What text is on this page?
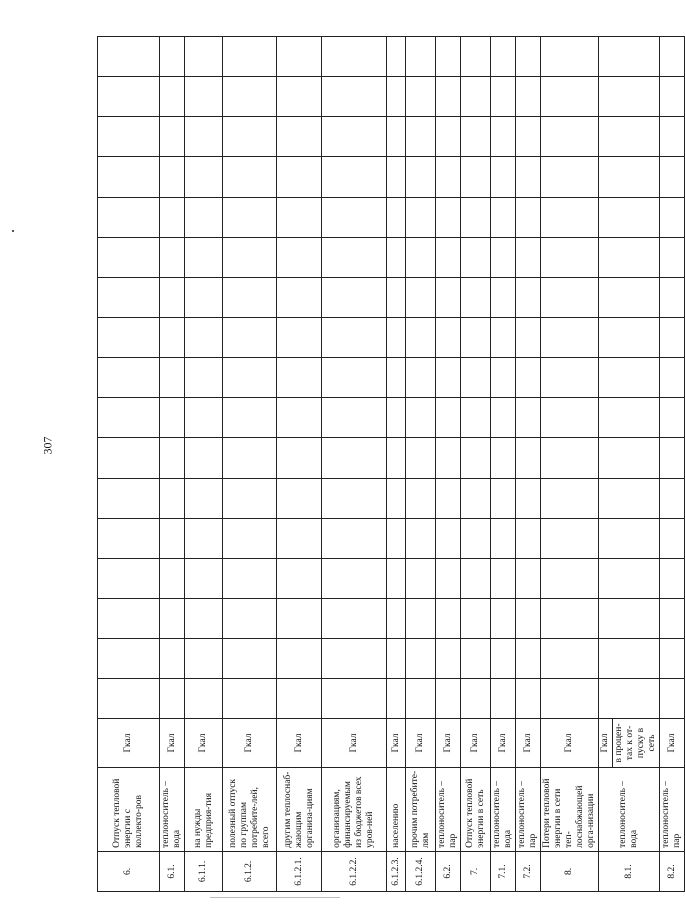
307
6.	Отпуск тепловой энергии с коллекто-ров	Гкал																	
6.1.	теплоноситель – вода	Гкал																	
6.1.1.	на нужды предприя-тия	Гкал																	
6.1.2.	полезный отпуск по группам потребите-лей, всего	Гкал																	
6.1.2.1.	другим теплоснаб-жающим организа-циям	Гкал																	
6.1.2.2.	организациям, финансируемым из бюджетов всех уров-ней	Гкал																	
6.1.2.3.	населению	Гкал																	
6.1.2.4.	прочим потребите-лям	Гкал																	
6.2.	теплоноситель – пар	Гкал																	
7.	Отпуск тепловой энергии в сеть	Гкал																	
7.1.	теплоноситель – вода	Гкал																	
7.2.	теплоноситель – пар	Гкал																	
8.	Потери тепловой энергии в сети теп-лоснабжающей орга-низации	Гкал																	
8.1.	теплоноситель – вода	Гкал																	
		в процен-тах к от-пуску в сеть																	
8.2.	теплоноситель – пар	Гкал																	
